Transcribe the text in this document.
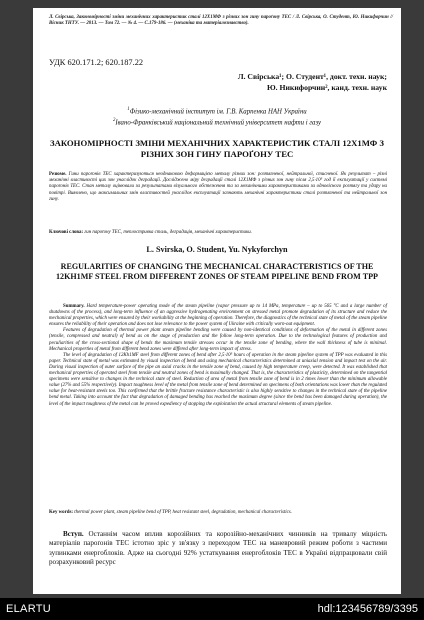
Л. Свірська, Закономірності зміни механічних характеристик сталі 12Х1МФ з різних зон гину пароґону ТЕС / Л. Свірська, О. Студент, Ю. Никифорчин // Вісник ТНТУ. — 2013. — Том 72. — № 4. — С.179-186. — (механіка та матеріалознавство).
УДК 620.171.2; 620.187.22
Л. Свірська¹; О. Студент¹, докт. техн. наук;
Ю. Никифорчин², канд. техн. наук
$^1$Фізико-механічний інститут ім. Г.В. Карпенка НАН України
$^2$Івано-Франківський національний технічний університет нафти і газу
ЗАКОНОМІРНОСТІ ЗМІНИ МЕХАНІЧНИХ ХАРАКТЕРИСТИК СТАЛІ 12Х1МФ З РІЗНИХ ЗОН ГИНУ ПАРОҐОНУ ТЕС
Резюме. Гини пароґонів ТЕС характеризуються неоднаковою деформацією металу різних зон: розтягненої, нейтральної, стисненої. Як результат – різні механічні властивості цих зон унаслідок деградації. Досліджено міру деградації сталі 12Х1МФ з різних зон гину після 2,5·10⁵ год її експлуатації у системі пароґонів ТЕС. Стан металу оцінювали за результатами візуального обстеження та за механічними характеристиками за одновісного розтягу та удару на повітрі. Виявлено, що максимальних змін властивостей унаслідок експлуатації зазнають механічні характеристики сталі розтягненої та нейтральної зон гину.
Ключові слова: гин пароґону ТЕС, теплостривка сталь, деградація, механічні характеристики.
L. Svirska, O. Student, Yu. Nykyforchyn
REGULARITIES OF CHANGING THE MECHANICAL CHARACTERISTICS OF THE 12KH1MF STEEL FROM DIFFERENT ZONES OF STEAM PIPELINE BEND FROM TPP

Summary. Hard temperature-power operating mode of the steam pipeline (vapor pressure up to 14 MPa, temperature – up to 565 °C and a large number of shutdowns of the process), and long-term influence of an aggressive hydrogenating environment on stressed metal promote degradation of its structure and reduce the mechanical properties, which were ensured by their workability at the beginning of operation. Therefore, the diagnostics of the technical state of metal of the steam pipeline ensures the reliability of their operation and does not lose relevance to the power system of Ukraine with critically worn-out equipment.

Features of degradation of thermal power plant steam pipeline bending were caused by non-identical conditions of deformation of the metal in different zones (tensile, compressed and neutral) of bend as on the stage of production and the follow long-term operation. Due to the technological features of production and peculiarities of the cross-sectional shape of bends the maximum tensile stresses occur in the tensile zone of bending, where the wall thickness of tube is minimal. Mechanical properties of metal from different bend zones were differed after long-term impact of stress.

The level of degradation of 12Kh1MF steel from different zones of bend after 2,5·10⁵ hours of operation in the steam pipeline system of TPP was evaluated in this paper. Technical state of metal was estimated by visual inspection of bend and using mechanical characteristics determined at uniaxial tension and impact test on the air. During visual inspection of outer surface of the pipe an axial cracks in the tensile zone of bend, caused by high temperature creep, were detected. It was established that mechanical properties of operated steel from tensile and neutral zones of bend is maximally changed. That is, the characteristics of plasticity, determined on the tangential specimens were sensitive to changes in the technical state of steel. Reduction of area of metal from tensile zone of bend is in 2 times lower than the minimum allowable value (27% and 55% respectively). Impact toughness level of the metal from tensile zone of bend determined on specimens of both orientations was lower than the regulated value for heat-resistant steels too. This confirmed that the brittle fracture resistance characteristic is also highly sensitive to changes in the technical state of the pipeline bend metal. Taking into account the fact that degradation of damaged bending has reached the maximum degree (since the bend has been damaged during operation), the level of the impact toughness of the metal can be proved expediency of stopping the exploitation the actual structural elements of steam pipeline.

Key words: thermal power plant, steam pipeline bend of TPP, heat resistant steel, degradation, mechanical characteristics.
Вступ. Останнім часом вплив корозійних та корозійно-механічних чинників на тривалу міцність матеріалів пароґонів ТЕС істотно зріс у зв'язку з переходом ТЕС на маневровий режим роботи з частими зупинками енергоблоків. Адже на сьогодні 92% устаткування енергоблоків ТЕС в Україні відпрацювали свій розрахунковий ресурс
ELARTU	hdl:123456789/3395
